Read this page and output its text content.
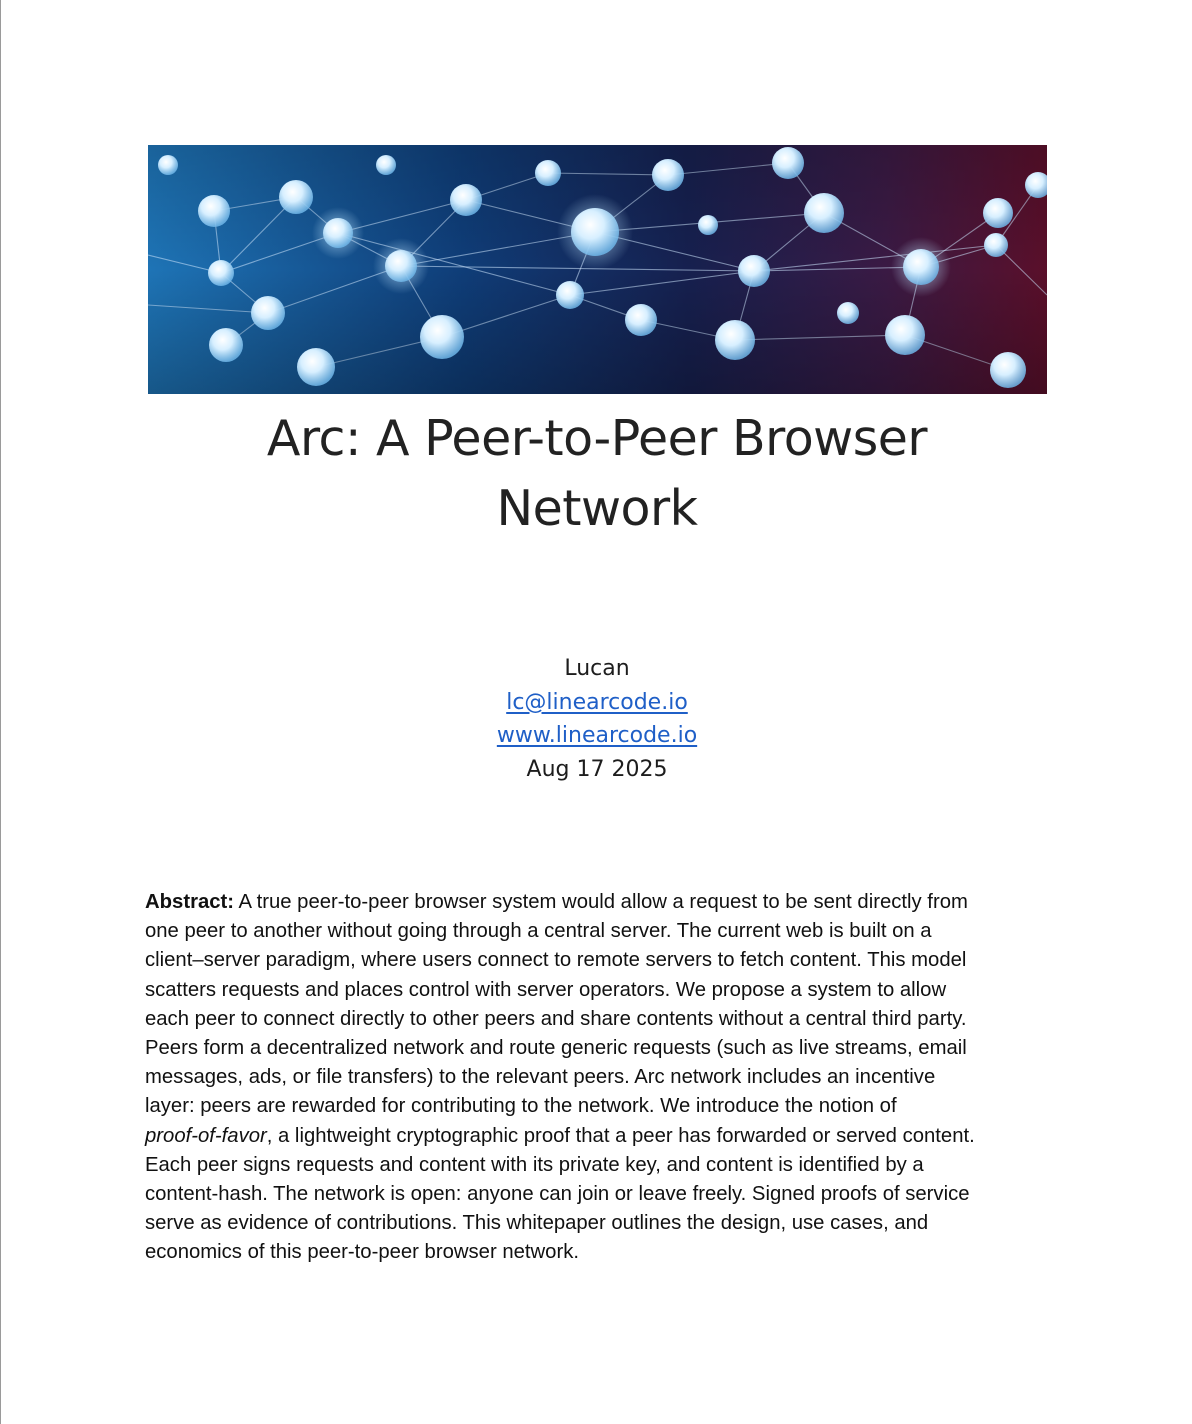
Arc: A Peer-to-Peer Browser
Network
Lucan
lc@linearcode.io
www.linearcode.io
Aug 17 2025

Abstract: A true peer-to-peer browser system would allow a request to be sent directly from
one peer to another without going through a central server. The current web is built on a
client–server paradigm, where users connect to remote servers to fetch content. This model
scatters requests and places control with server operators. We propose a system to allow
each peer to connect directly to other peers and share contents without a central third party.
Peers form a decentralized network and route generic requests (such as live streams, email
messages, ads, or file transfers) to the relevant peers. Arc network includes an incentive
layer: peers are rewarded for contributing to the network. We introduce the notion of
proof-of-favor, a lightweight cryptographic proof that a peer has forwarded or served content.
Each peer signs requests and content with its private key, and content is identified by a
content-hash. The network is open: anyone can join or leave freely. Signed proofs of service
serve as evidence of contributions. This whitepaper outlines the design, use cases, and
economics of this peer-to-peer browser network.
